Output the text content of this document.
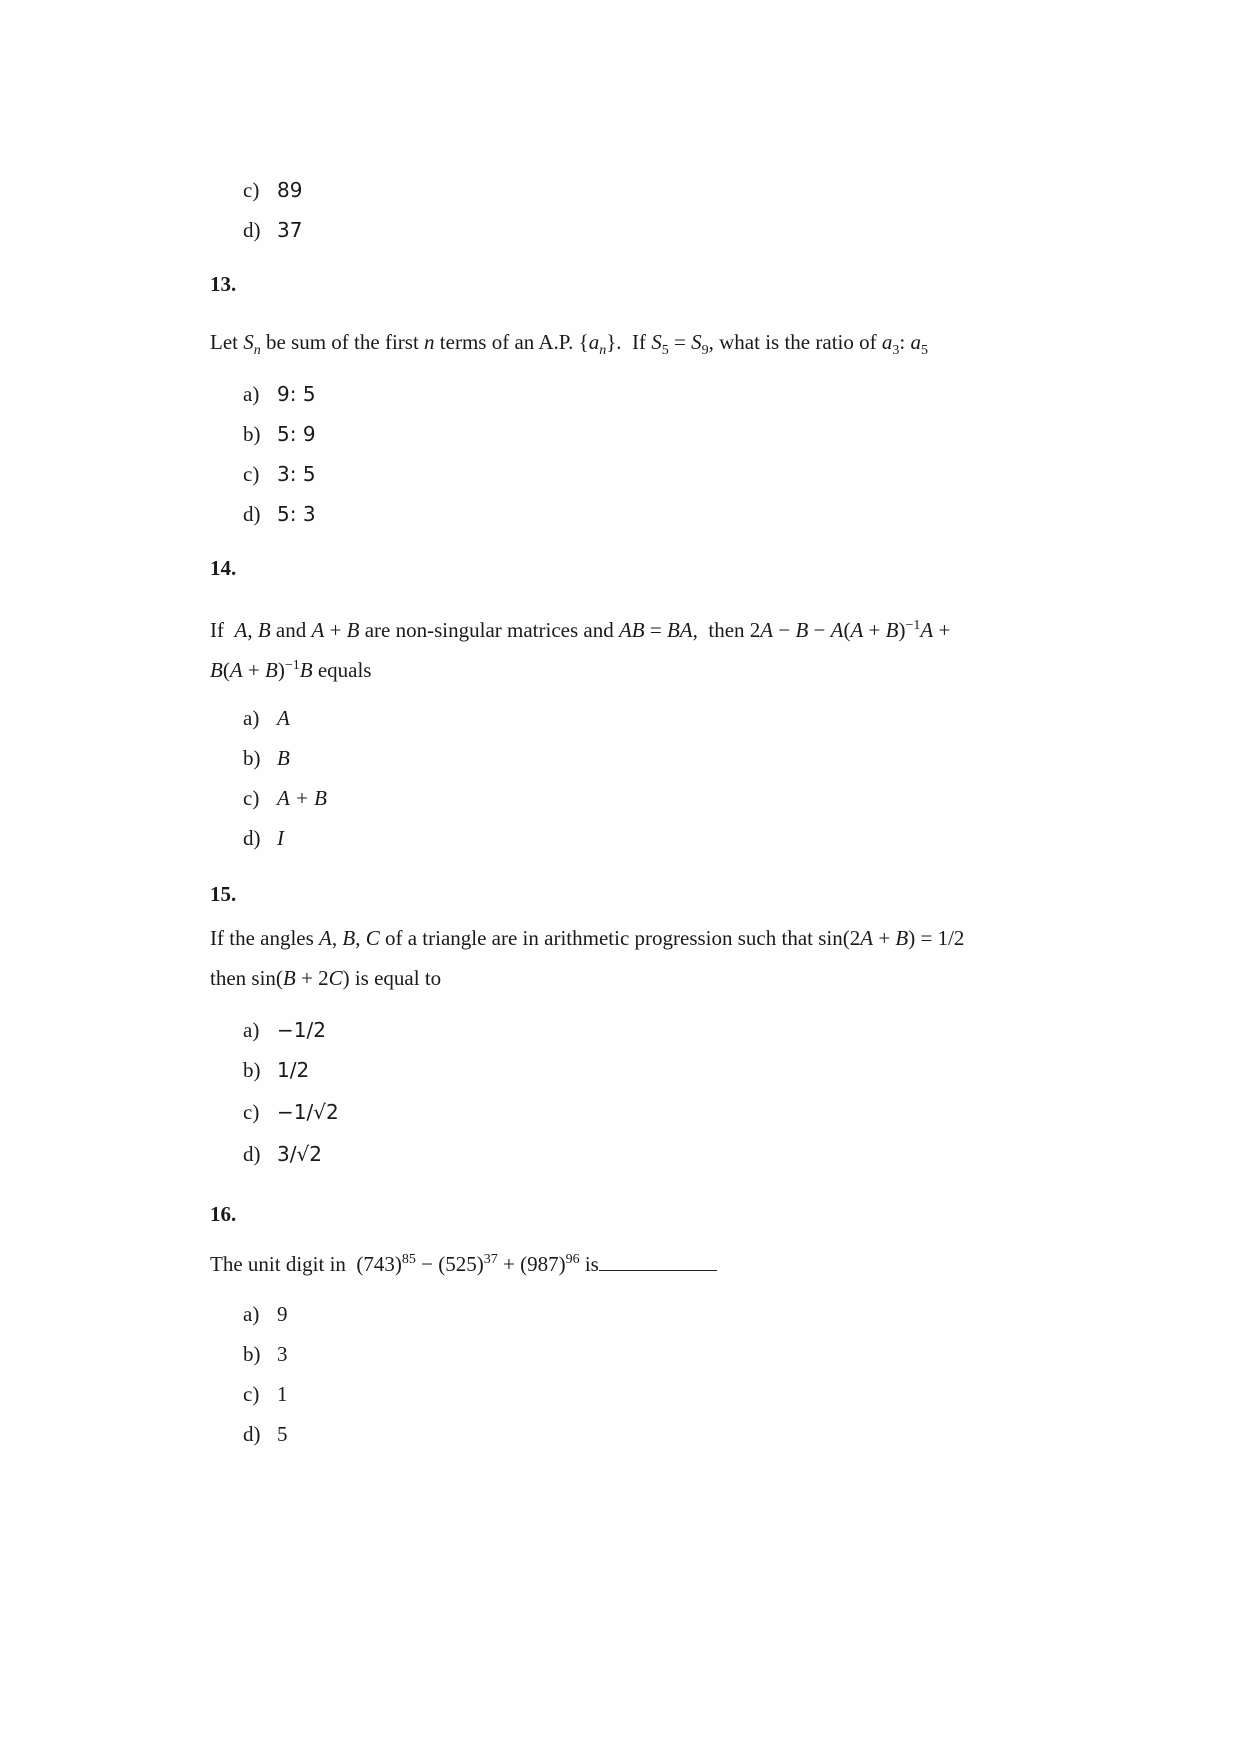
c) 89
d) 37
13.
Let $S_n$ be sum of the first n terms of an A.P. $\{a_n\}$.  If $S_5 = S_9$, what is the ratio of $a_3$: $a_5$
a) 9: 5
b) 5: 9
c) 3: 5
d) 5: 3
14.
If  A, B and A + B are non-singular matrices and AB = BA,  then $2A - B - A(A + B)^{-1}A$ +
$B(A + B)^{-1}B$ equals
a) A
b) B
c) A + B
d) I
15.
If the angles A, B, C of a triangle are in arithmetic progression such that sin(2A + B) = 1/2
then sin(B + 2C) is equal to
a) −1/2
b) 1/2
c) −1/√2
d) 3/√2
16.
The unit digit in  $(743)^{85} - (525)^{37} + (987)^{96}$ is
a) 9
b) 3
c) 1
d) 5
